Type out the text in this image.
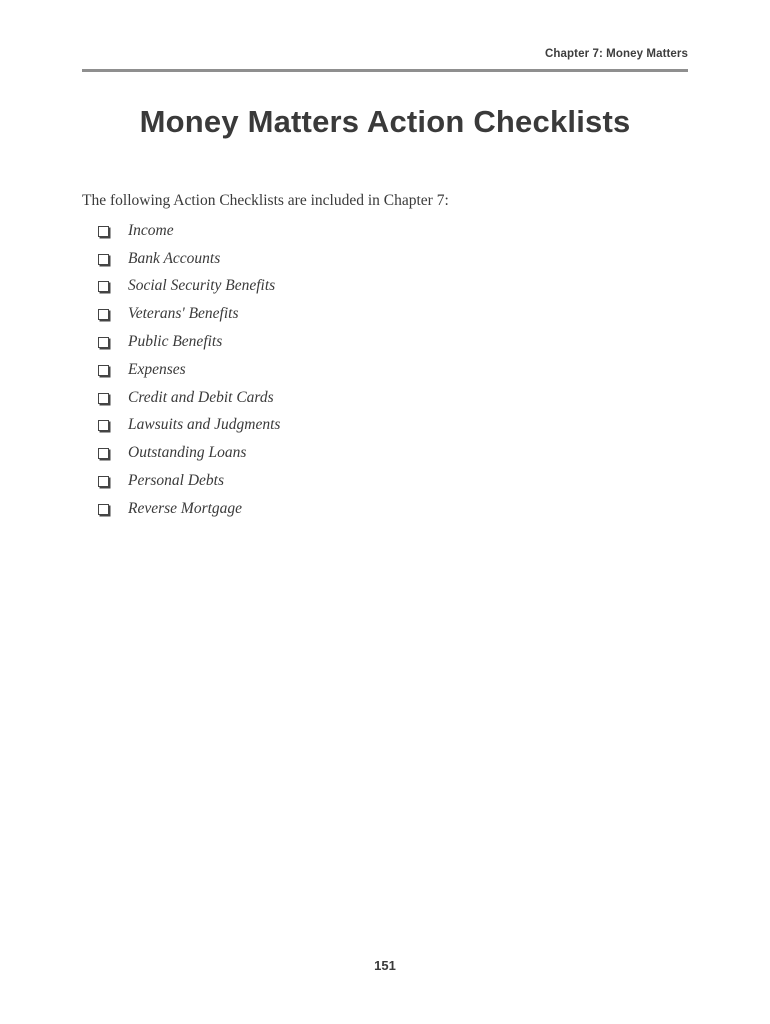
Chapter 7: Money Matters
Money Matters Action Checklists

The following Action Checklists are included in Chapter 7:

Income
Bank Accounts
Social Security Benefits
Veterans' Benefits
Public Benefits
Expenses
Credit and Debit Cards
Lawsuits and Judgments
Outstanding Loans
Personal Debts
Reverse Mortgage
151
